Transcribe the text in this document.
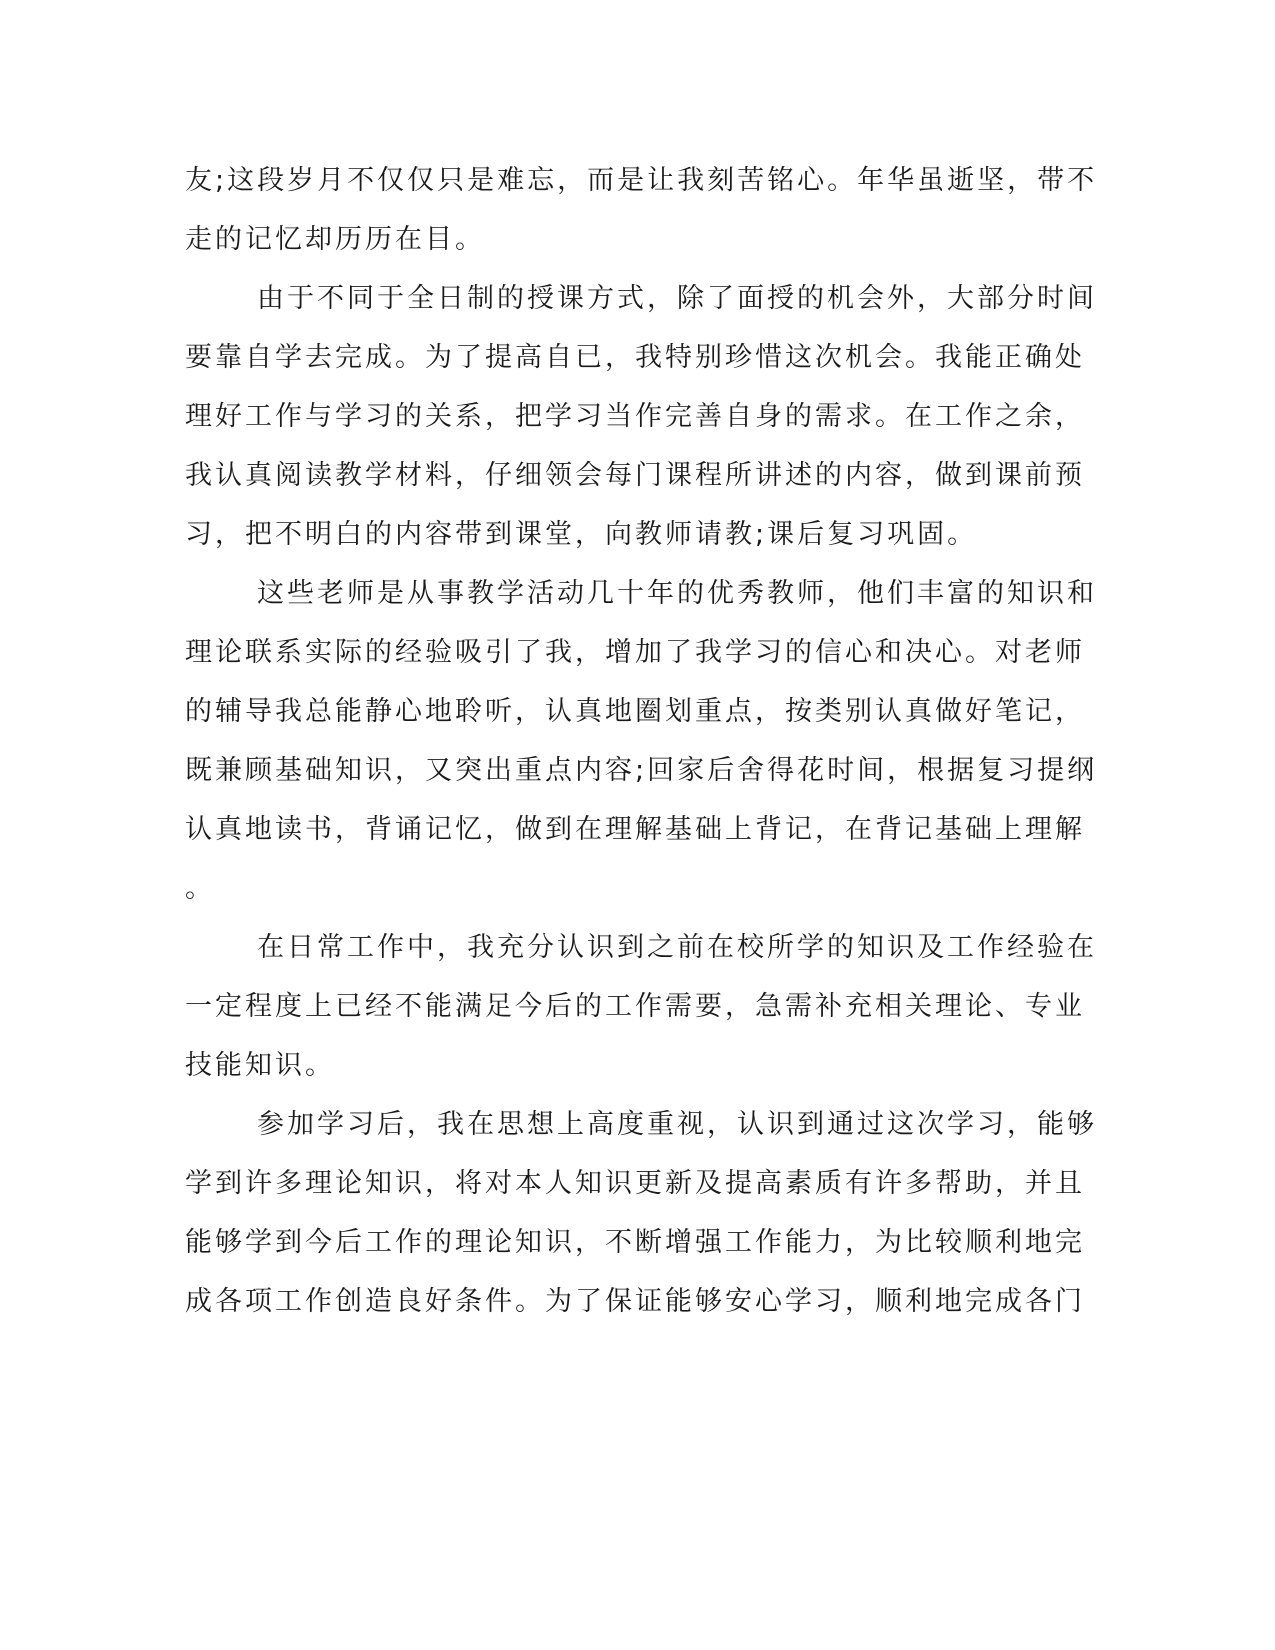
友;这段岁月不仅仅只是难忘，而是让我刻苦铭心。年华虽逝坚，带不
走的记忆却历历在目。
由于不同于全日制的授课方式，除了面授的机会外，大部分时间
要靠自学去完成。为了提高自已，我特别珍惜这次机会。我能正确处
理好工作与学习的关系，把学习当作完善自身的需求。在工作之余，
我认真阅读教学材料，仔细领会每门课程所讲述的内容，做到课前预
习，把不明白的内容带到课堂，向教师请教;课后复习巩固。
这些老师是从事教学活动几十年的优秀教师，他们丰富的知识和
理论联系实际的经验吸引了我，增加了我学习的信心和决心。对老师
的辅导我总能静心地聆听，认真地圈划重点，按类别认真做好笔记，
既兼顾基础知识，又突出重点内容;回家后舍得花时间，根据复习提纲
认真地读书，背诵记忆，做到在理解基础上背记，在背记基础上理解
。
在日常工作中，我充分认识到之前在校所学的知识及工作经验在
一定程度上已经不能满足今后的工作需要，急需补充相关理论、专业
技能知识。
参加学习后，我在思想上高度重视，认识到通过这次学习，能够
学到许多理论知识，将对本人知识更新及提高素质有许多帮助，并且
能够学到今后工作的理论知识，不断增强工作能力，为比较顺利地完
成各项工作创造良好条件。为了保证能够安心学习，顺利地完成各门
